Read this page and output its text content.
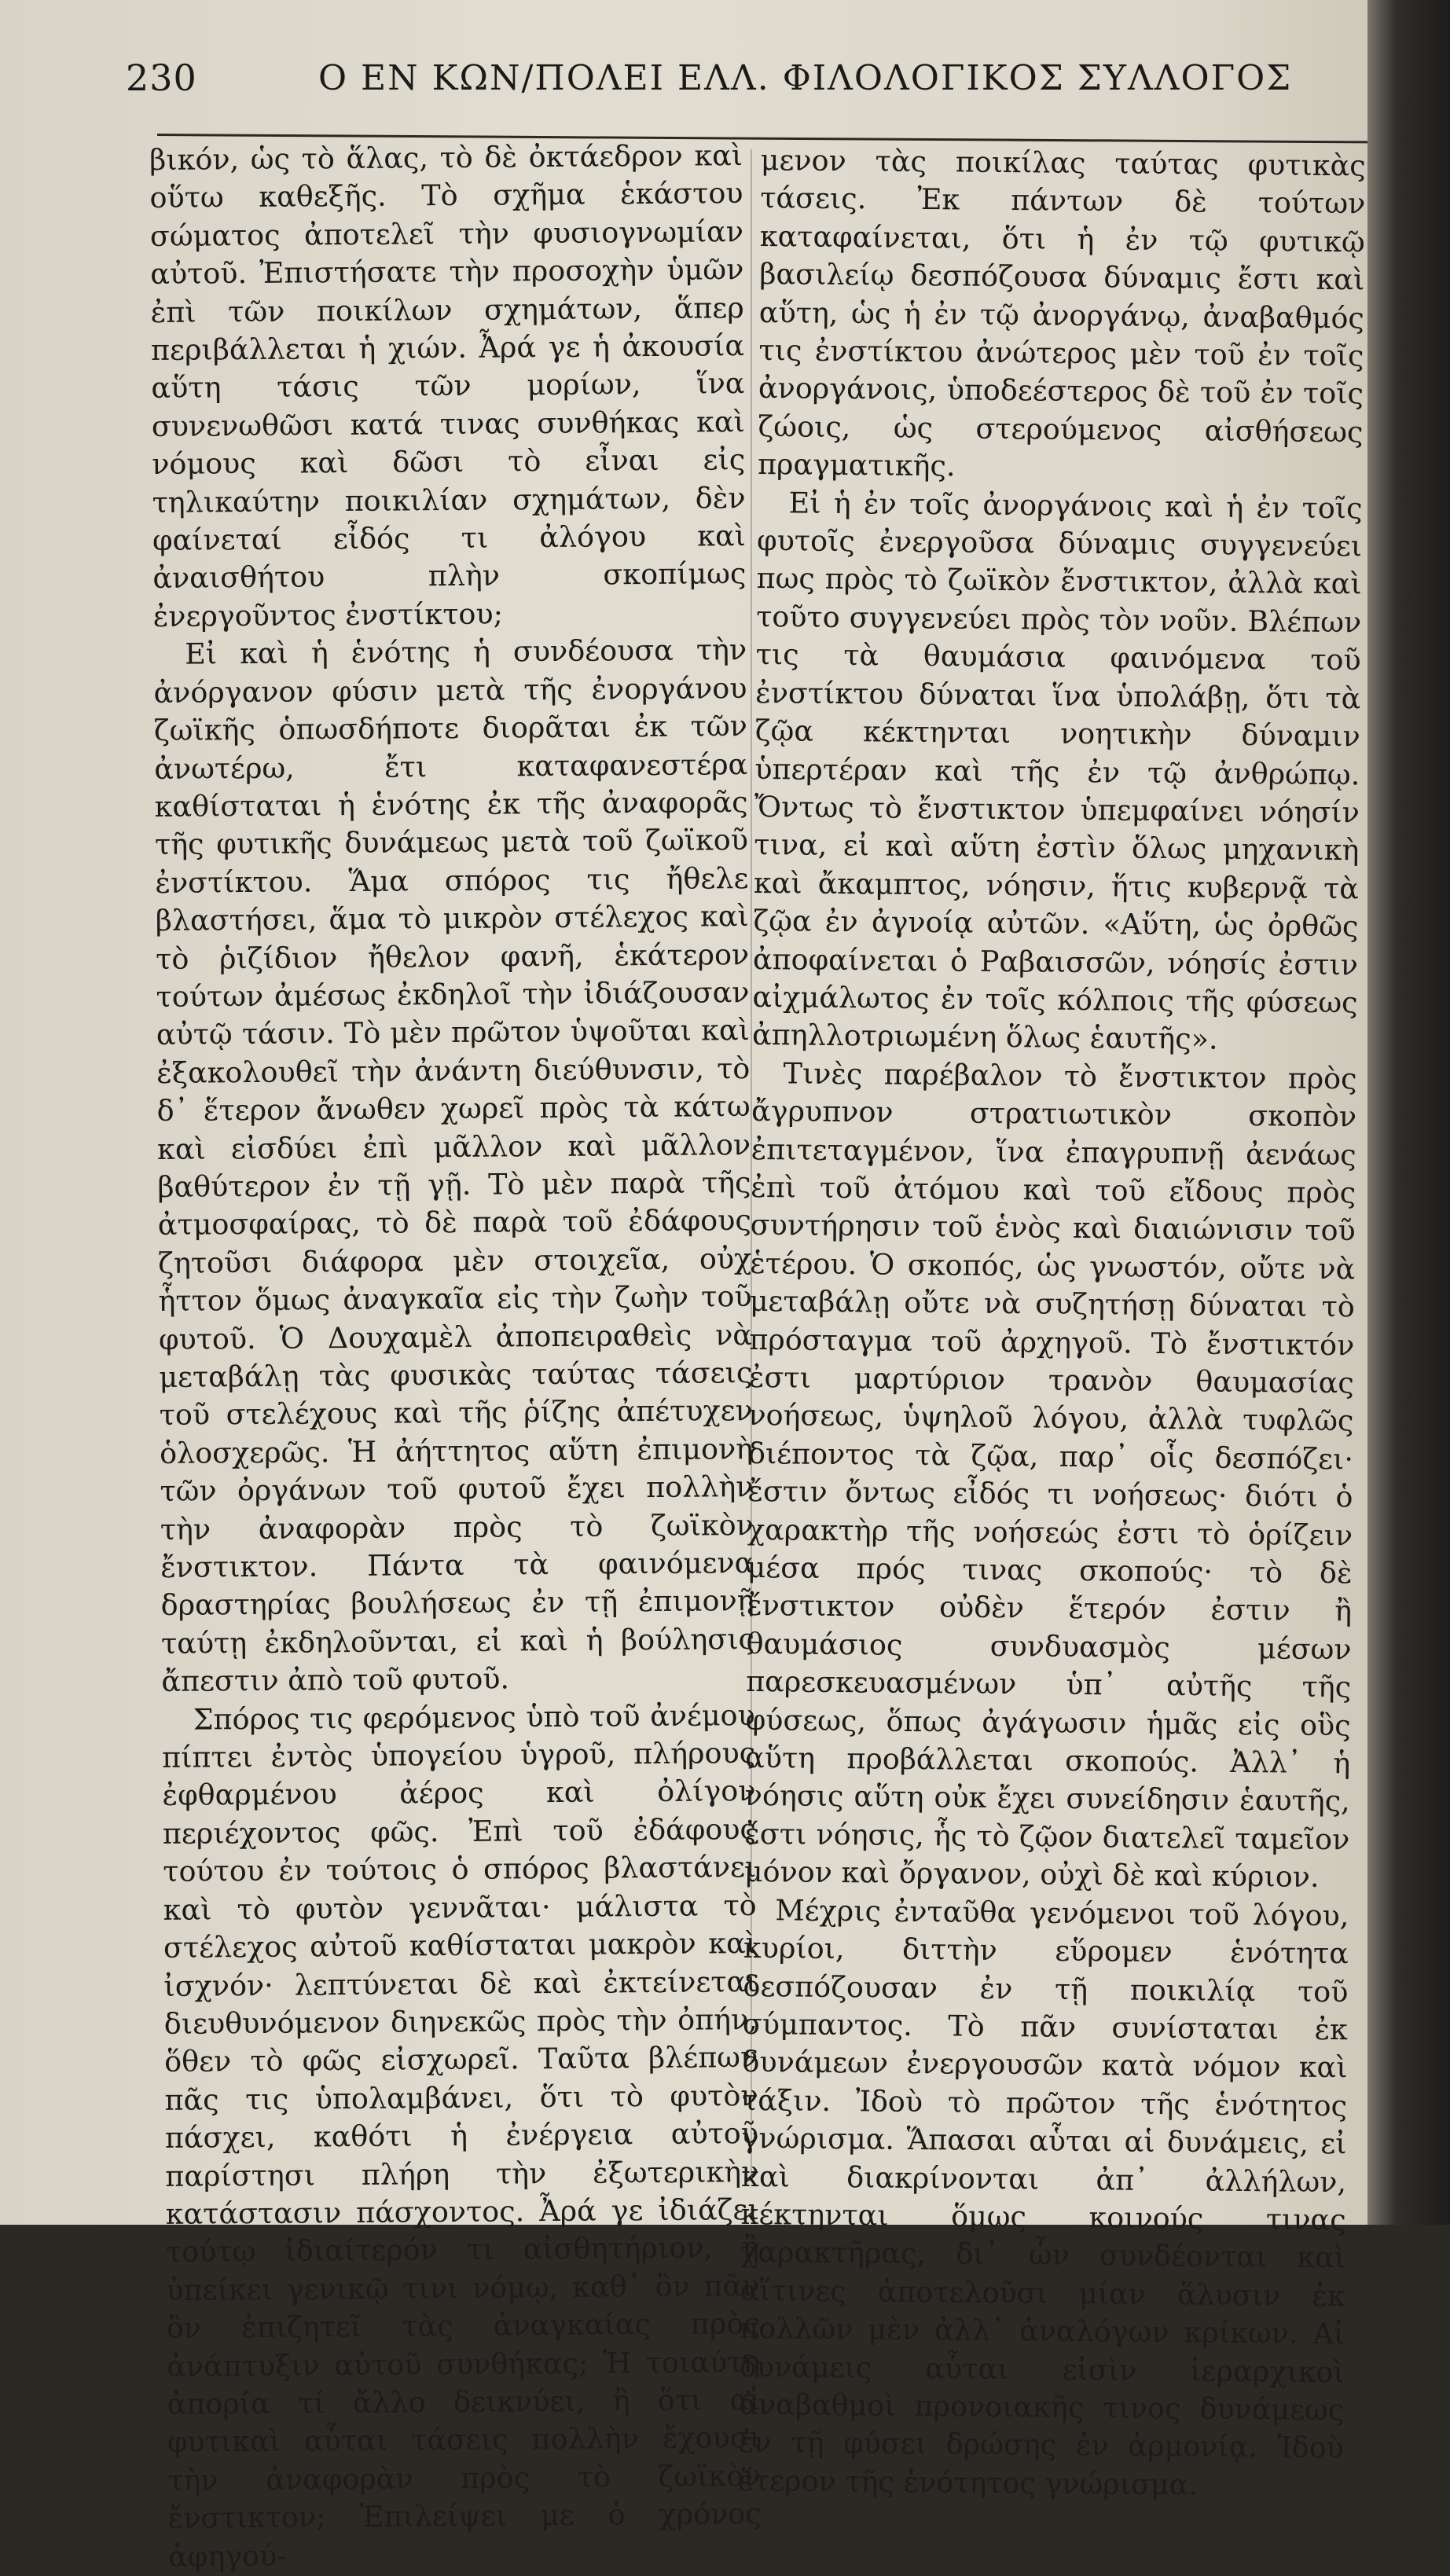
230	Ο ΕΝ ΚΩΝ/ΠΟΛΕΙ ΕΛΛ. ΦΙΛΟΛΟΓΙΚΟΣ ΣΥΛΛΟΓΟΣ

βικόν, ὡς τὸ ἅλας, τὸ δὲ ὀκτάεδρον καὶ οὕτω καθεξῆς. Τὸ σχῆμα ἑκάστου σώματος ἀποτελεῖ τὴν φυσιογνωμίαν αὐτοῦ. Ἐπιστήσατε τὴν προσοχὴν ὑμῶν ἐπὶ τῶν ποικίλων σχημάτων, ἅπερ περιβάλλεται ἡ χιών. Ἆρά γε ἡ ἀκουσία αὕτη τάσις τῶν μορίων, ἵνα συνενωθῶσι κατά τινας συνθήκας καὶ νόμους καὶ δῶσι τὸ εἶναι εἰς τηλικαύτην ποικιλίαν σχημάτων, δὲν φαίνεταί εἶδός τι ἀλόγου καὶ ἀναισθήτου πλὴν σκοπίμως ἐνεργοῦντος ἐνστίκτου;

Εἰ καὶ ἡ ἑνότης ἡ συνδέουσα τὴν ἀνόργανον φύσιν μετὰ τῆς ἐνοργάνου ζωϊκῆς ὁπωσδήποτε διορᾶται ἐκ τῶν ἀνωτέρω, ἔτι καταφανεστέρα καθίσταται ἡ ἑνότης ἐκ τῆς ἀναφορᾶς τῆς φυτικῆς δυνάμεως μετὰ τοῦ ζωϊκοῦ ἐνστίκτου. Ἅμα σπόρος τις ἤθελε βλαστήσει, ἅμα τὸ μικρὸν στέλεχος καὶ τὸ ῥιζίδιον ἤθελον φανῆ, ἑκάτερον τούτων ἀμέσως ἐκδηλοῖ τὴν ἰδιάζουσαν αὐτῷ τάσιν. Τὸ μὲν πρῶτον ὑψοῦται καὶ ἐξακολουθεῖ τὴν ἀνάντη διεύθυνσιν, τὸ δ᾽ ἕτερον ἄνωθεν χωρεῖ πρὸς τὰ κάτω καὶ εἰσδύει ἐπὶ μᾶλλον καὶ μᾶλλον βαθύτερον ἐν τῇ γῇ. Τὸ μὲν παρὰ τῆς ἀτμοσφαίρας, τὸ δὲ παρὰ τοῦ ἐδάφους ζητοῦσι διάφορα μὲν στοιχεῖα, οὐχ ἧττον ὅμως ἀναγκαῖα εἰς τὴν ζωὴν τοῦ φυτοῦ. Ὁ Δουχαμὲλ ἀποπειραθεὶς νὰ μεταβάλῃ τὰς φυσικὰς ταύτας τάσεις τοῦ στελέχους καὶ τῆς ῥίζης ἀπέτυχεν ὁλοσχερῶς. Ἡ ἀήττητος αὕτη ἐπιμονὴ τῶν ὀργάνων τοῦ φυτοῦ ἔχει πολλὴν τὴν ἀναφορὰν πρὸς τὸ ζωϊκὸν ἔνστικτον. Πάντα τὰ φαινόμενα δραστηρίας βουλήσεως ἐν τῇ ἐπιμονῇ ταύτῃ ἐκδηλοῦνται, εἰ καὶ ἡ βούλησις ἄπεστιν ἀπὸ τοῦ φυτοῦ.

Σπόρος τις φερόμενος ὑπὸ τοῦ ἀνέμου πίπτει ἐντὸς ὑπογείου ὑγροῦ, πλήρους ἐφθαρμένου ἀέρος καὶ ὀλίγον περιέχοντος φῶς. Ἐπὶ τοῦ ἐδάφους τούτου ἐν τούτοις ὁ σπόρος βλαστάνει καὶ τὸ φυτὸν γεννᾶται· μάλιστα τὸ στέλεχος αὐτοῦ καθίσταται μακρὸν καὶ ἰσχνόν· λεπτύνεται δὲ καὶ ἐκτείνεται διευθυνόμενον διηνεκῶς πρὸς τὴν ὀπήν, ὅθεν τὸ φῶς εἰσχωρεῖ. Ταῦτα βλέπων πᾶς τις ὑπολαμβάνει, ὅτι τὸ φυτὸν πάσχει, καθότι ἡ ἐνέργεια αὐτοῦ παρίστησι πλήρη τὴν ἐξωτερικὴν κατάστασιν πάσχοντος. Ἆρά γε ἰδιάζει τούτῳ ἰδιαίτερόν τι αἰσθητήριον, ἢ ὑπείκει γενικῷ τινι νόμῳ, καθ᾽ ὃν πᾶν ὂν ἐπιζητεῖ τὰς ἀναγκαίας πρὸς ἀνάπτυξιν αὐτοῦ συνθήκας; Ἡ τοιαύτη ἀπορία τί ἄλλο δεικνύει, ἢ ὅτι αἱ φυτικαὶ αὗται τάσεις πολλὴν ἔχουσι τὴν ἀναφορὰν πρὸς τὸ ζωϊκὸν ἔνστικτον; Ἐπιλείψει με ὁ χρόνος ἀφηγού-

μενον τὰς ποικίλας ταύτας φυτικὰς τάσεις. Ἐκ πάντων δὲ τούτων καταφαίνεται, ὅτι ἡ ἐν τῷ φυτικῷ βασιλείῳ δεσπόζουσα δύναμις ἔστι καὶ αὕτη, ὡς ἡ ἐν τῷ ἀνοργάνῳ, ἀναβαθμός τις ἐνστίκτου ἀνώτερος μὲν τοῦ ἐν τοῖς ἀνοργάνοις, ὑποδεέστερος δὲ τοῦ ἐν τοῖς ζώοις, ὡς στερούμενος αἰσθήσεως πραγματικῆς.

Εἰ ἡ ἐν τοῖς ἀνοργάνοις καὶ ἡ ἐν τοῖς φυτοῖς ἐνεργοῦσα δύναμις συγγενεύει πως πρὸς τὸ ζωϊκὸν ἔνστικτον, ἀλλὰ καὶ τοῦτο συγγενεύει πρὸς τὸν νοῦν. Βλέπων τις τὰ θαυμάσια φαινόμενα τοῦ ἐνστίκτου δύναται ἵνα ὑπολάβῃ, ὅτι τὰ ζῷα κέκτηνται νοητικὴν δύναμιν ὑπερτέραν καὶ τῆς ἐν τῷ ἀνθρώπῳ. Ὄντως τὸ ἔνστικτον ὑπεμφαίνει νόησίν τινα, εἰ καὶ αὕτη ἐστὶν ὅλως μηχανικὴ καὶ ἄκαμπτος, νόησιν, ἥτις κυβερνᾷ τὰ ζῷα ἐν ἀγνοίᾳ αὐτῶν. «Αὕτη, ὡς ὀρθῶς ἀποφαίνεται ὁ Ραβαισσῶν, νόησίς ἐστιν αἰχμάλωτος ἐν τοῖς κόλποις τῆς φύσεως ἀπηλλοτριωμένη ὅλως ἑαυτῆς».

Τινὲς παρέβαλον τὸ ἔνστικτον πρὸς ἄγρυπνον στρατιωτικὸν σκοπὸν ἐπιτεταγμένον, ἵνα ἐπαγρυπνῇ ἀενάως ἐπὶ τοῦ ἀτόμου καὶ τοῦ εἴδους πρὸς συντήρησιν τοῦ ἑνὸς καὶ διαιώνισιν τοῦ ἑτέρου. Ὁ σκοπός, ὡς γνωστόν, οὔτε νὰ μεταβάλῃ οὔτε νὰ συζητήσῃ δύναται τὸ πρόσταγμα τοῦ ἀρχηγοῦ. Τὸ ἔνστικτόν ἐστι μαρτύριον τρανὸν θαυμασίας νοήσεως, ὑψηλοῦ λόγου, ἀλλὰ τυφλῶς διέποντος τὰ ζῷα, παρ᾽ οἷς δεσπόζει· ἔστιν ὄντως εἶδός τι νοήσεως· διότι ὁ χαρακτὴρ τῆς νοήσεώς ἐστι τὸ ὁρίζειν μέσα πρός τινας σκοπούς· τὸ δὲ ἔνστικτον οὐδὲν ἕτερόν ἐστιν ἢ θαυμάσιος συνδυασμὸς μέσων παρεσκευασμένων ὑπ᾽ αὐτῆς τῆς φύσεως, ὅπως ἀγάγωσιν ἡμᾶς εἰς οὓς αὕτη προβάλλεται σκοπούς. Ἀλλ᾽ ἡ νόησις αὕτη οὐκ ἔχει συνείδησιν ἑαυτῆς, ἔστι νόησις, ἧς τὸ ζῷον διατελεῖ ταμεῖον μόνον καὶ ὄργανον, οὐχὶ δὲ καὶ κύριον.

Μέχρις ἐνταῦθα γενόμενοι τοῦ λόγου, κυρίοι, διττὴν εὕρομεν ἑνότητα δεσπόζουσαν ἐν τῇ ποικιλίᾳ τοῦ σύμπαντος. Τὸ πᾶν συνίσταται ἐκ δυνάμεων ἐνεργουσῶν κατὰ νόμον καὶ τάξιν. Ἰδοὺ τὸ πρῶτον τῆς ἑνότητος γνώρισμα. Ἅπασαι αὗται αἱ δυνάμεις, εἰ καὶ διακρίνονται ἀπ᾽ ἀλλήλων, κέκτηνται ὅμως κοινούς τινας χαρακτῆρας, δι᾽ ὧν συνδέονται καὶ αἵτινες ἀποτελοῦσι μίαν ἅλυσιν ἐκ πολλῶν μὲν ἀλλ᾽ ἀναλόγων κρίκων. Αἱ δυνάμεις αὗται εἰσὶν ἱεραρχικοὶ ἀναβαθμοὶ προνοιακῆς τινος δυνάμεως ἐν τῇ φύσει δρώσης ἐν ἁρμονίᾳ. Ἰδοὺ ἕτερον τῆς ἑνότητος γνώρισμα.
